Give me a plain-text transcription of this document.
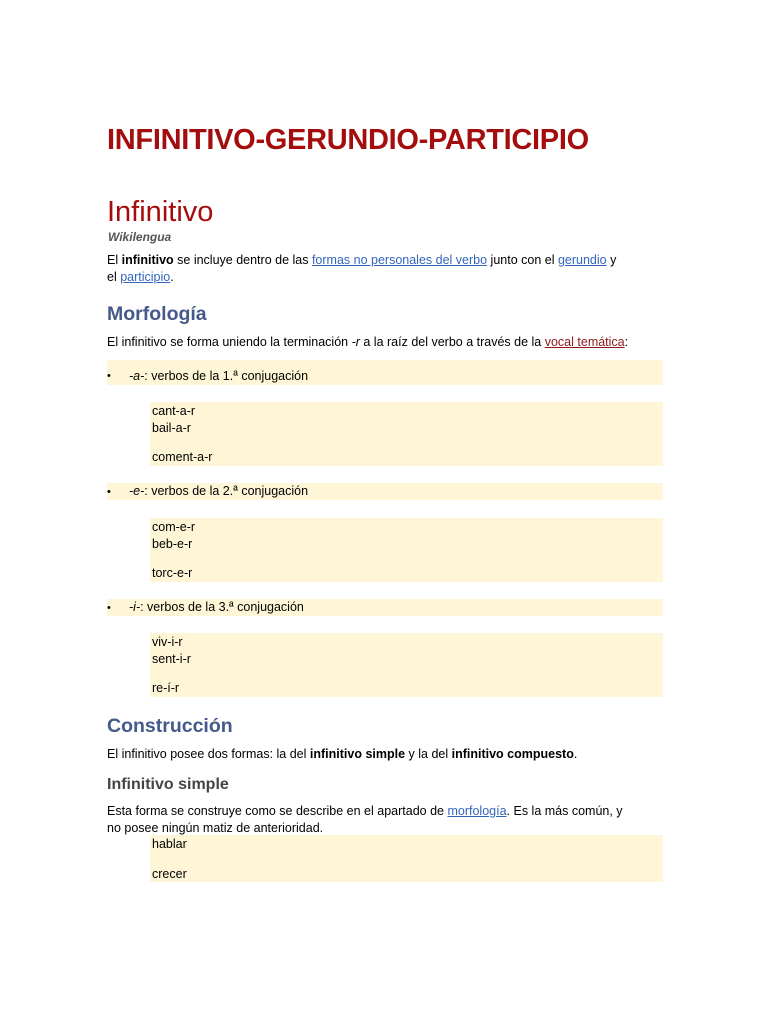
INFINITIVO-GERUNDIO-PARTICIPIO
Infinitivo
Wikilengua

El infinitivo se incluye dentro de las formas no personales del verbo junto con el gerundio y
el participio.

Morfología

El infinitivo se forma uniendo la terminación -r a la raíz del verbo a través de la vocal temática:

•	-a-: verbos de la 1.ª conjugación
cant-a-r
bail-a-r
coment-a-r
•	-e-: verbos de la 2.ª conjugación
com-e-r
beb-e-r
torc-e-r
•	-i-: verbos de la 3.ª conjugación
viv-i-r
sent-i-r
re-í-r
Construcción

El infinitivo posee dos formas: la del infinitivo simple y la del infinitivo compuesto.

Infinitivo simple

Esta forma se construye como se describe en el apartado de morfología. Es la más común, y
no posee ningún matiz de anterioridad.

hablar
crecer
